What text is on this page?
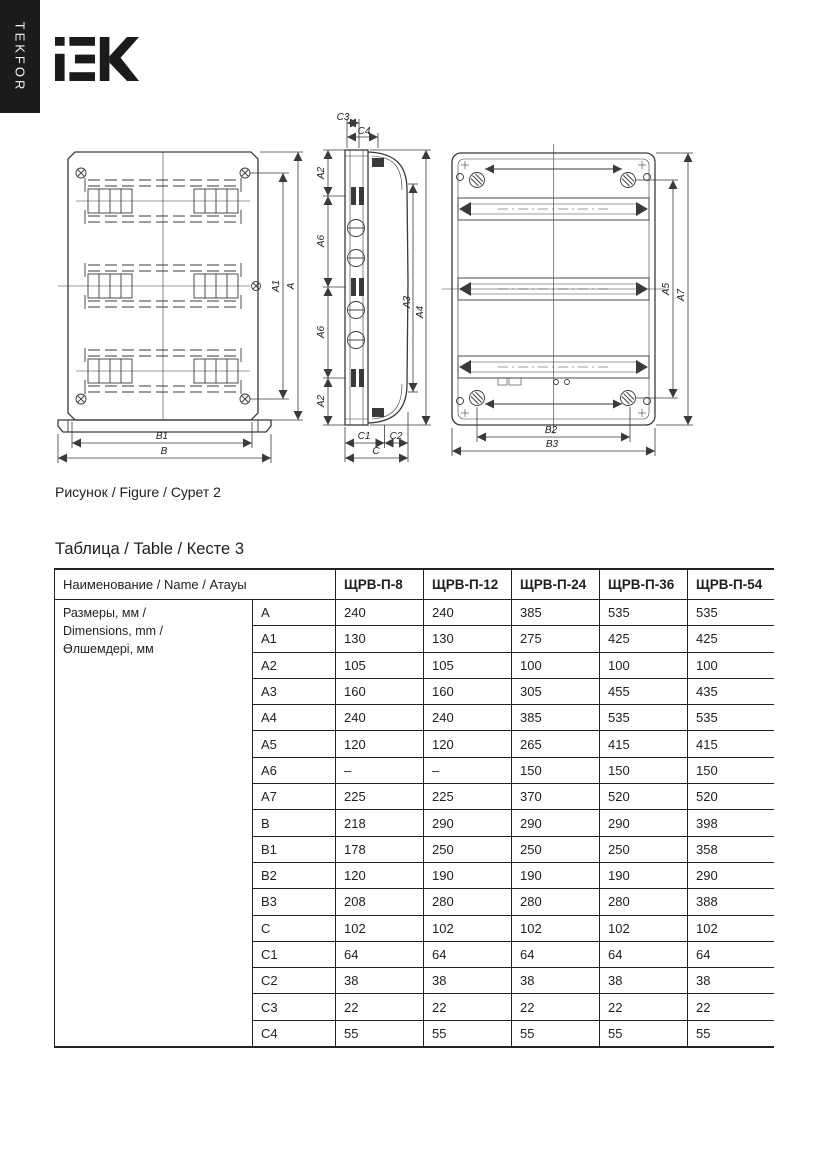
TEKFOR
A1 A
B1
B
C3
C4
A2
A6
A6
A2
A3
A4
C1 C2
C
A5 A7
B2
B3
Рисунок / Figure / Сурет 2
Таблица / Table / Кесте 3
Наименование / Name / Атауы		ЩРВ-П-8	ЩРВ-П-12	ЩРВ-П-24	ЩРВ-П-36	ЩРВ-П-54
Размеры, мм /
Dimensions, mm /
Өлшемдері, мм	A	240	240	385	535	535
	A1	130	130	275	425	425
	A2	105	105	100	100	100
	A3	160	160	305	455	435
	A4	240	240	385	535	535
	A5	120	120	265	415	415
	A6	–	–	150	150	150
	A7	225	225	370	520	520
	B	218	290	290	290	398
	B1	178	250	250	250	358
	B2	120	190	190	190	290
	B3	208	280	280	280	388
	C	102	102	102	102	102
	C1	64	64	64	64	64
	C2	38	38	38	38	38
	C3	22	22	22	22	22
	C4	55	55	55	55	55
